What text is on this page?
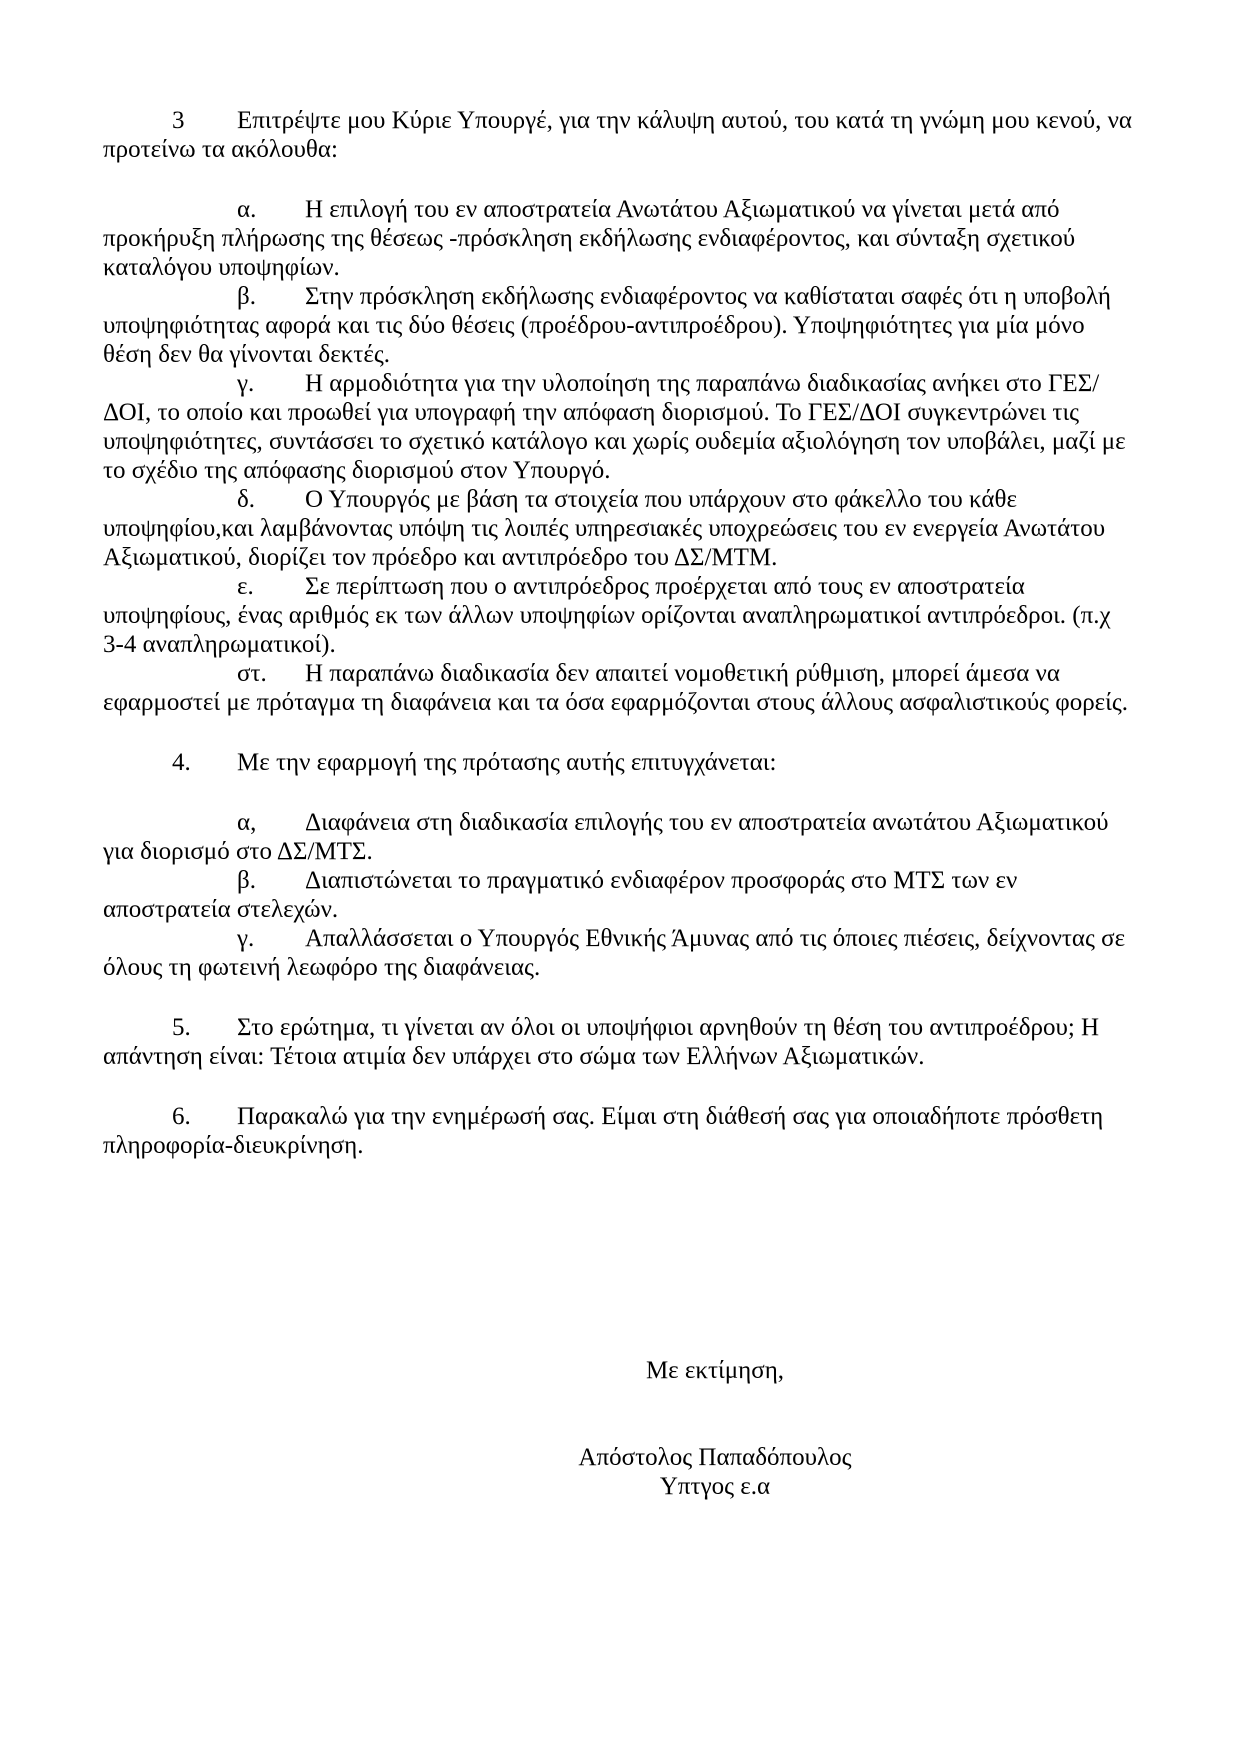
3 Επιτρέψτε μου Κύριε Υπουργέ, για την κάλυψη αυτού, του κατά τη γνώμη μου κενού, να προτείνω τα ακόλουθα:

α. Η επιλογή του εν αποστρατεία Ανωτάτου Αξιωματικού να γίνεται μετά από προκήρυξη πλήρωσης της θέσεως -πρόσκληση εκδήλωσης ενδιαφέροντος, και σύνταξη σχετικού καταλόγου υποψηφίων.

β. Στην πρόσκληση εκδήλωσης ενδιαφέροντος να καθίσταται σαφές ότι η υποβολή υποψηφιότητας αφορά και τις δύο θέσεις (προέδρου-αντιπροέδρου). Υποψηφιότητες για μία μόνο θέση δεν θα γίνονται δεκτές.

γ. Η αρμοδιότητα για την υλοποίηση της παραπάνω διαδικασίας ανήκει στο ΓΕΣ/ΔΟΙ, το οποίο και προωθεί για υπογραφή την απόφαση διορισμού. Το ΓΕΣ/ΔΟΙ συγκεντρώνει τις υποψηφιότητες, συντάσσει το σχετικό κατάλογο και χωρίς ουδεμία αξιολόγηση τον υποβάλει, μαζί με το σχέδιο της απόφασης διορισμού στον Υπουργό.

δ. Ο Υπουργός με βάση τα στοιχεία που υπάρχουν στο φάκελλο του κάθε υποψηφίου,και λαμβάνοντας υπόψη τις λοιπές υπηρεσιακές υποχρεώσεις του εν ενεργεία Ανωτάτου Αξιωματικού, διορίζει τον πρόεδρο και αντιπρόεδρο του ΔΣ/ΜΤΜ.

ε. Σε περίπτωση που ο αντιπρόεδρος προέρχεται από τους εν αποστρατεία υποψηφίους, ένας αριθμός εκ των άλλων υποψηφίων ορίζονται αναπληρωματικοί αντιπρόεδροι. (π.χ 3-4 αναπληρωματικοί).

στ. Η παραπάνω διαδικασία δεν απαιτεί νομοθετική ρύθμιση, μπορεί άμεσα να εφαρμοστεί με πρόταγμα τη διαφάνεια και τα όσα εφαρμόζονται στους άλλους ασφαλιστικούς φορείς.

4. Με την εφαρμογή της πρότασης αυτής επιτυγχάνεται:

α, Διαφάνεια στη διαδικασία επιλογής του εν αποστρατεία ανωτάτου Αξιωματικού για διορισμό στο ΔΣ/ΜΤΣ.

β. Διαπιστώνεται το πραγματικό ενδιαφέρον προσφοράς στο ΜΤΣ των εν αποστρατεία στελεχών.

γ. Απαλλάσσεται ο Υπουργός Εθνικής Άμυνας από τις όποιες πιέσεις, δείχνοντας σε όλους τη φωτεινή λεωφόρο της διαφάνειας.

5. Στο ερώτημα, τι γίνεται αν όλοι οι υποψήφιοι αρνηθούν τη θέση του αντιπροέδρου; Η απάντηση είναι: Τέτοια ατιμία δεν υπάρχει στο σώμα των Ελλήνων Αξιωματικών.

6. Παρακαλώ για την ενημέρωσή σας. Είμαι στη διάθεσή σας για οποιαδήποτε πρόσθετη πληροφορία-διευκρίνηση.

Με εκτίμηση,
Απόστολος Παπαδόπουλος
Υπτγος ε.α
